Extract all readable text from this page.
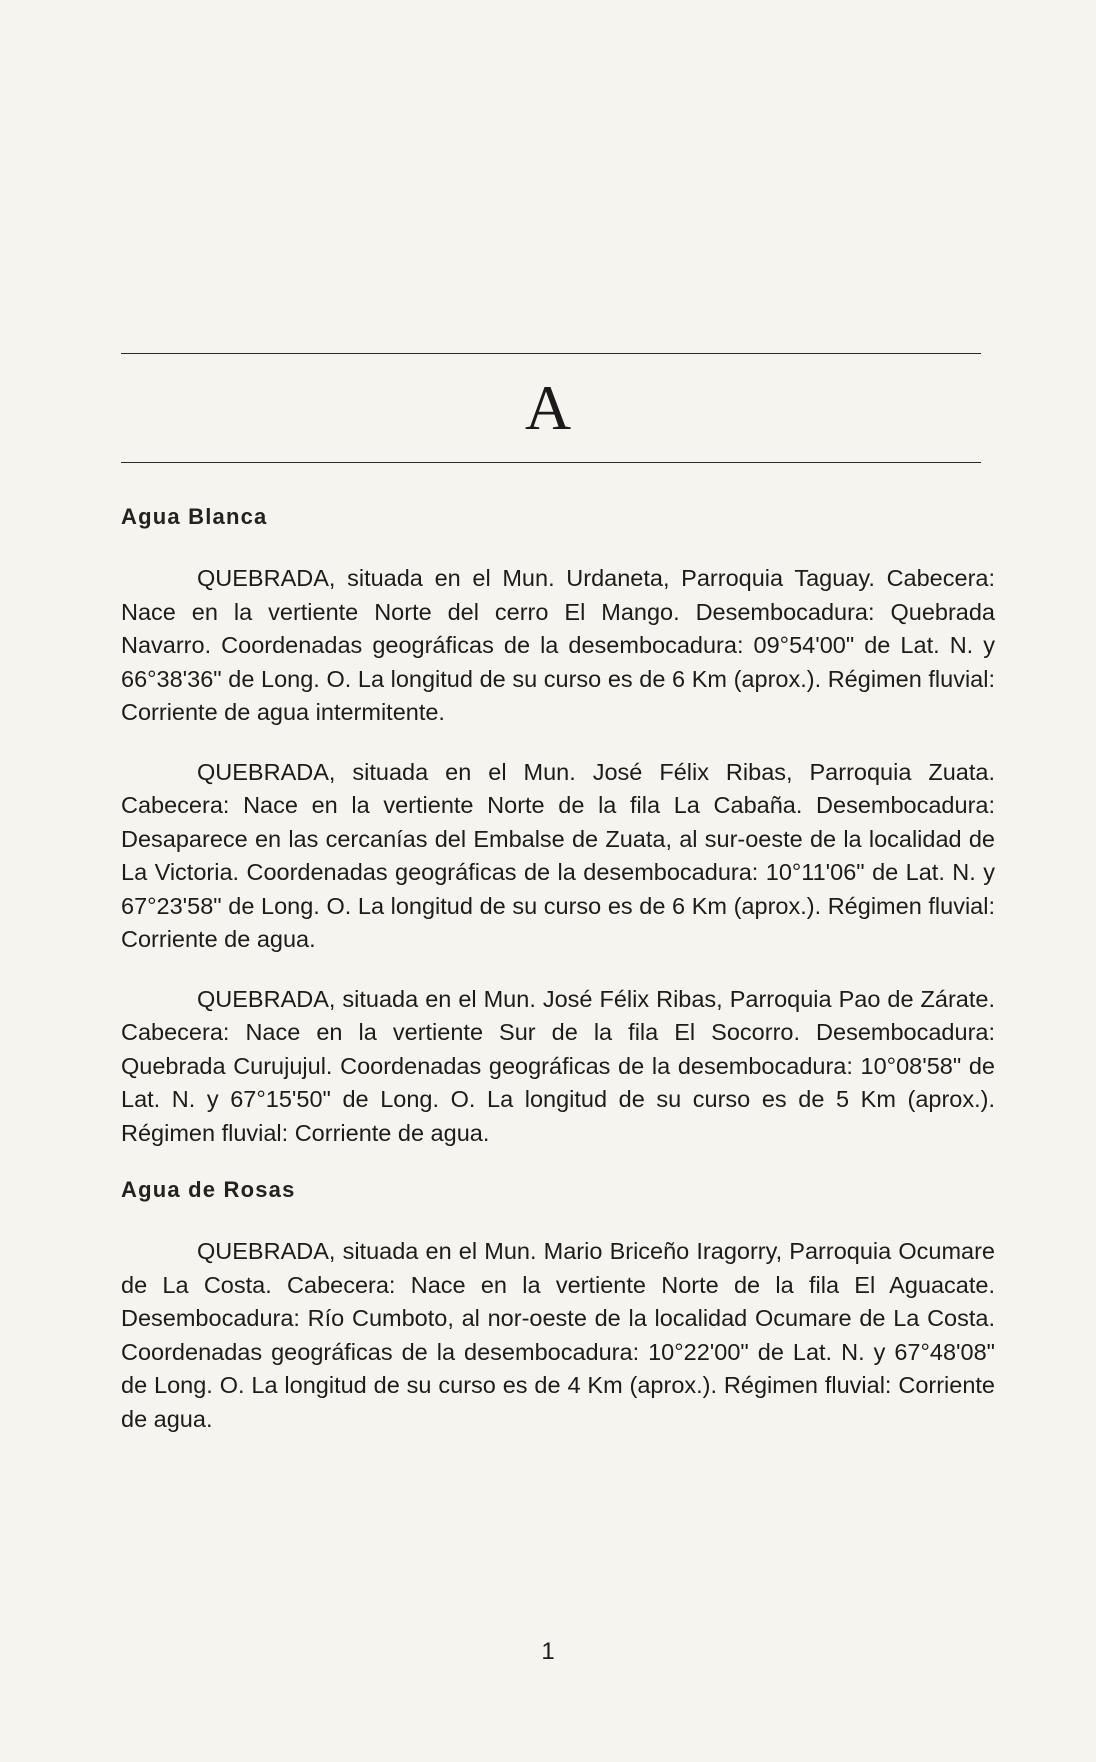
A
Agua Blanca

QUEBRADA, situada en el Mun. Urdaneta, Parroquia Taguay. Cabecera: Nace en la vertiente Norte del cerro El Mango. Desembocadura: Quebrada Navarro. Coordenadas geográficas de la desembocadura: 09°54'00" de Lat. N. y 66°38'36" de Long. O. La longitud de su curso es de 6 Km (aprox.). Régimen fluvial: Corriente de agua intermitente.

QUEBRADA, situada en el Mun. José Félix Ribas, Parroquia Zuata. Cabecera: Nace en la vertiente Norte de la fila La Cabaña. Desembocadura: Desaparece en las cercanías del Embalse de Zuata, al sur-oeste de la localidad de La Victoria. Coordenadas geográficas de la desembocadura: 10°11'06" de Lat. N. y 67°23'58" de Long. O. La longitud de su curso es de 6 Km (aprox.). Régimen fluvial: Corriente de agua.

QUEBRADA, situada en el Mun. José Félix Ribas, Parroquia Pao de Zárate. Cabecera: Nace en la vertiente Sur de la fila El Socorro. Desembocadura: Quebrada Curujujul. Coordenadas geográficas de la desembocadura: 10°08'58" de Lat. N. y 67°15'50" de Long. O. La longitud de su curso es de 5 Km (aprox.). Régimen fluvial: Corriente de agua.

Agua de Rosas

QUEBRADA, situada en el Mun. Mario Briceño Iragorry, Parroquia Ocumare de La Costa. Cabecera: Nace en la vertiente Norte de la fila El Aguacate. Desembocadura: Río Cumboto, al nor-oeste de la localidad Ocumare de La Costa. Coordenadas geográficas de la desembocadura: 10°22'00" de Lat. N. y 67°48'08" de Long. O. La longitud de su curso es de 4 Km (aprox.). Régimen fluvial: Corriente de agua.

1
